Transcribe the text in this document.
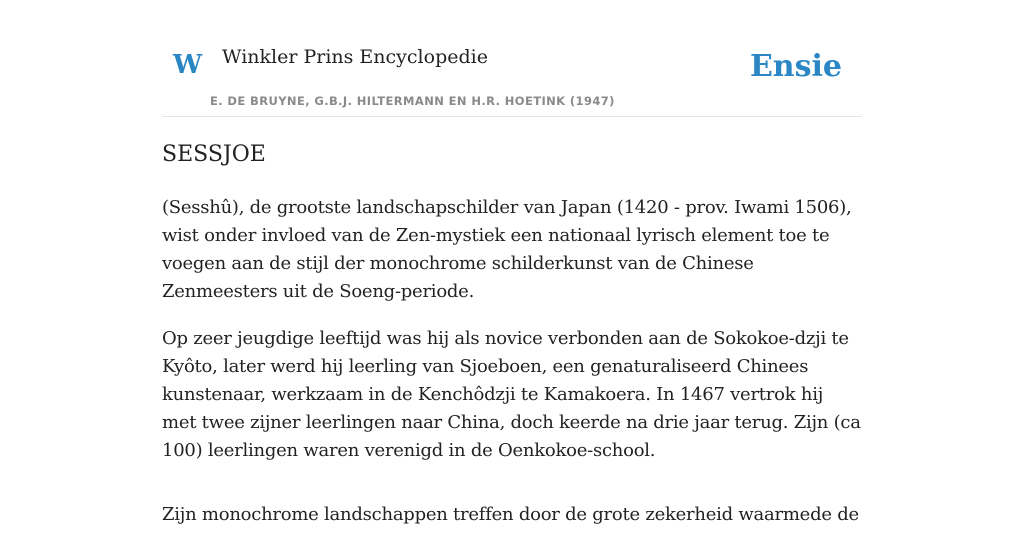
W Winkler Prins Encyclopedie
E. DE BRUYNE, G.B.J. HILTERMANN EN H.R. HOETINK (1947)
Ensie
SESSJOE

(Sesshû), de grootste landschapschilder van Japan (1420 - prov. Iwami 1506), wist onder invloed van de Zen-mystiek een nationaal lyrisch element toe te voegen aan de stijl der monochrome schilderkunst van de Chinese Zenmeesters uit de Soeng-periode.

Op zeer jeugdige leeftijd was hij als novice verbonden aan de Sokokoe-dzji te Kyôto, later werd hij leerling van Sjoeboen, een genaturaliseerd Chinees kunstenaar, werkzaam in de Kenchôdzji te Kamakoera. In 1467 vertrok hij met twee zijner leerlingen naar China, doch keerde na drie jaar terug. Zijn (ca 100) leerlingen waren verenigd in de Oenkokoe-school.

Zijn monochrome landschappen treffen door de grote zekerheid waarmede de
